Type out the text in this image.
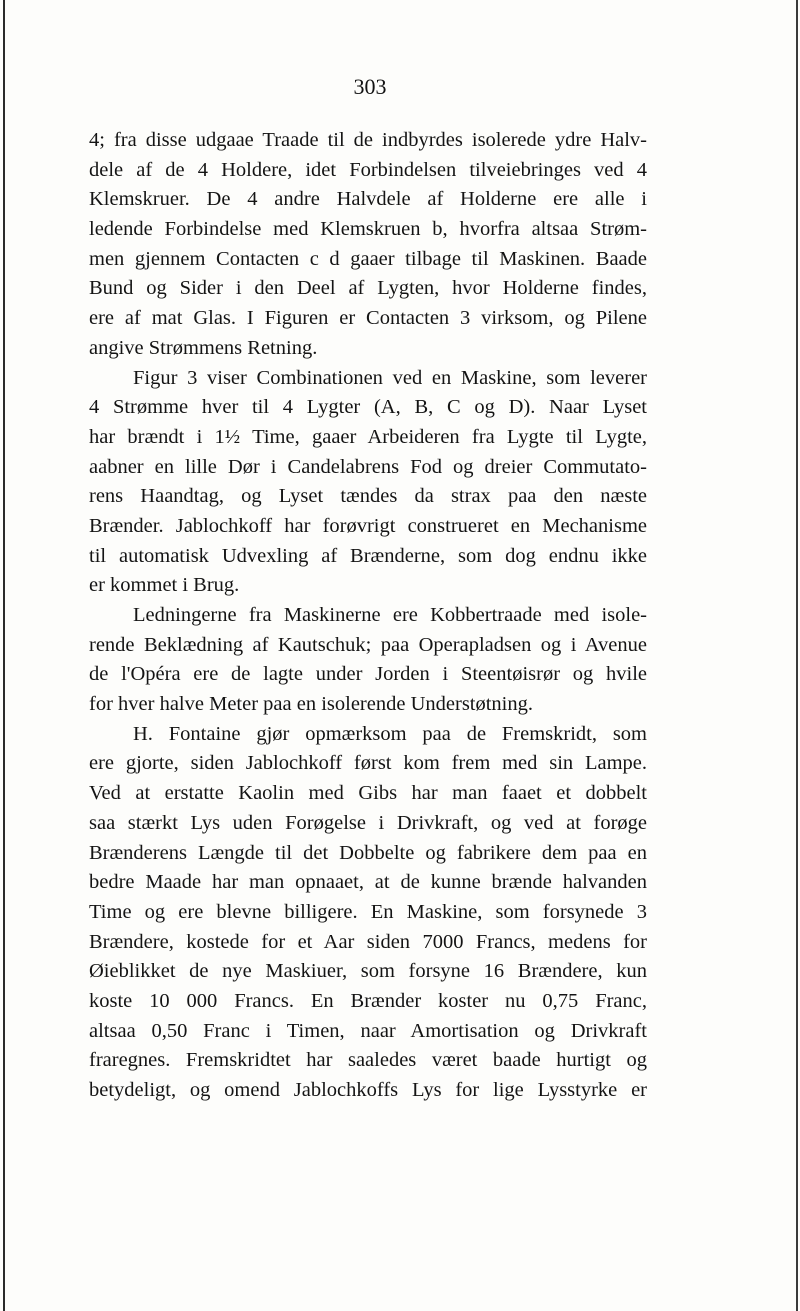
303
4; fra disse udgaae Traade til de indbyrdes isolerede ydre Halv-
dele af de 4 Holdere, idet Forbindelsen tilveiebringes ved 4
Klemskruer. De 4 andre Halvdele af Holderne ere alle i
ledende Forbindelse med Klemskruen b, hvorfra altsaa Strøm-
men gjennem Contacten c d gaaer tilbage til Maskinen. Baade
Bund og Sider i den Deel af Lygten, hvor Holderne findes,
ere af mat Glas. I Figuren er Contacten 3 virksom, og Pilene
angive Strømmens Retning.
Figur 3 viser Combinationen ved en Maskine, som leverer
4 Strømme hver til 4 Lygter (A, B, C og D). Naar Lyset
har brændt i 1½ Time, gaaer Arbeideren fra Lygte til Lygte,
aabner en lille Dør i Candelabrens Fod og dreier Commutato-
rens Haandtag, og Lyset tændes da strax paa den næste
Brænder. Jablochkoff har forøvrigt construeret en Mechanisme
til automatisk Udvexling af Brænderne, som dog endnu ikke
er kommet i Brug.
Ledningerne fra Maskinerne ere Kobbertraade med isole-
rende Beklædning af Kautschuk; paa Operapladsen og i Avenue
de l'Opéra ere de lagte under Jorden i Steentøisrør og hvile
for hver halve Meter paa en isolerende Understøtning.
H. Fontaine gjør opmærksom paa de Fremskridt, som
ere gjorte, siden Jablochkoff først kom frem med sin Lampe.
Ved at erstatte Kaolin med Gibs har man faaet et dobbelt
saa stærkt Lys uden Forøgelse i Drivkraft, og ved at forøge
Brænderens Længde til det Dobbelte og fabrikere dem paa en
bedre Maade har man opnaaet, at de kunne brænde halvanden
Time og ere blevne billigere. En Maskine, som forsynede 3
Brændere, kostede for et Aar siden 7000 Francs, medens for
Øieblikket de nye Maskiuer, som forsyne 16 Brændere, kun
koste 10 000 Francs. En Brænder koster nu 0,75 Franc,
altsaa 0,50 Franc i Timen, naar Amortisation og Drivkraft
fraregnes. Fremskridtet har saaledes været baade hurtigt og
betydeligt, og omend Jablochkoffs Lys for lige Lysstyrke er
